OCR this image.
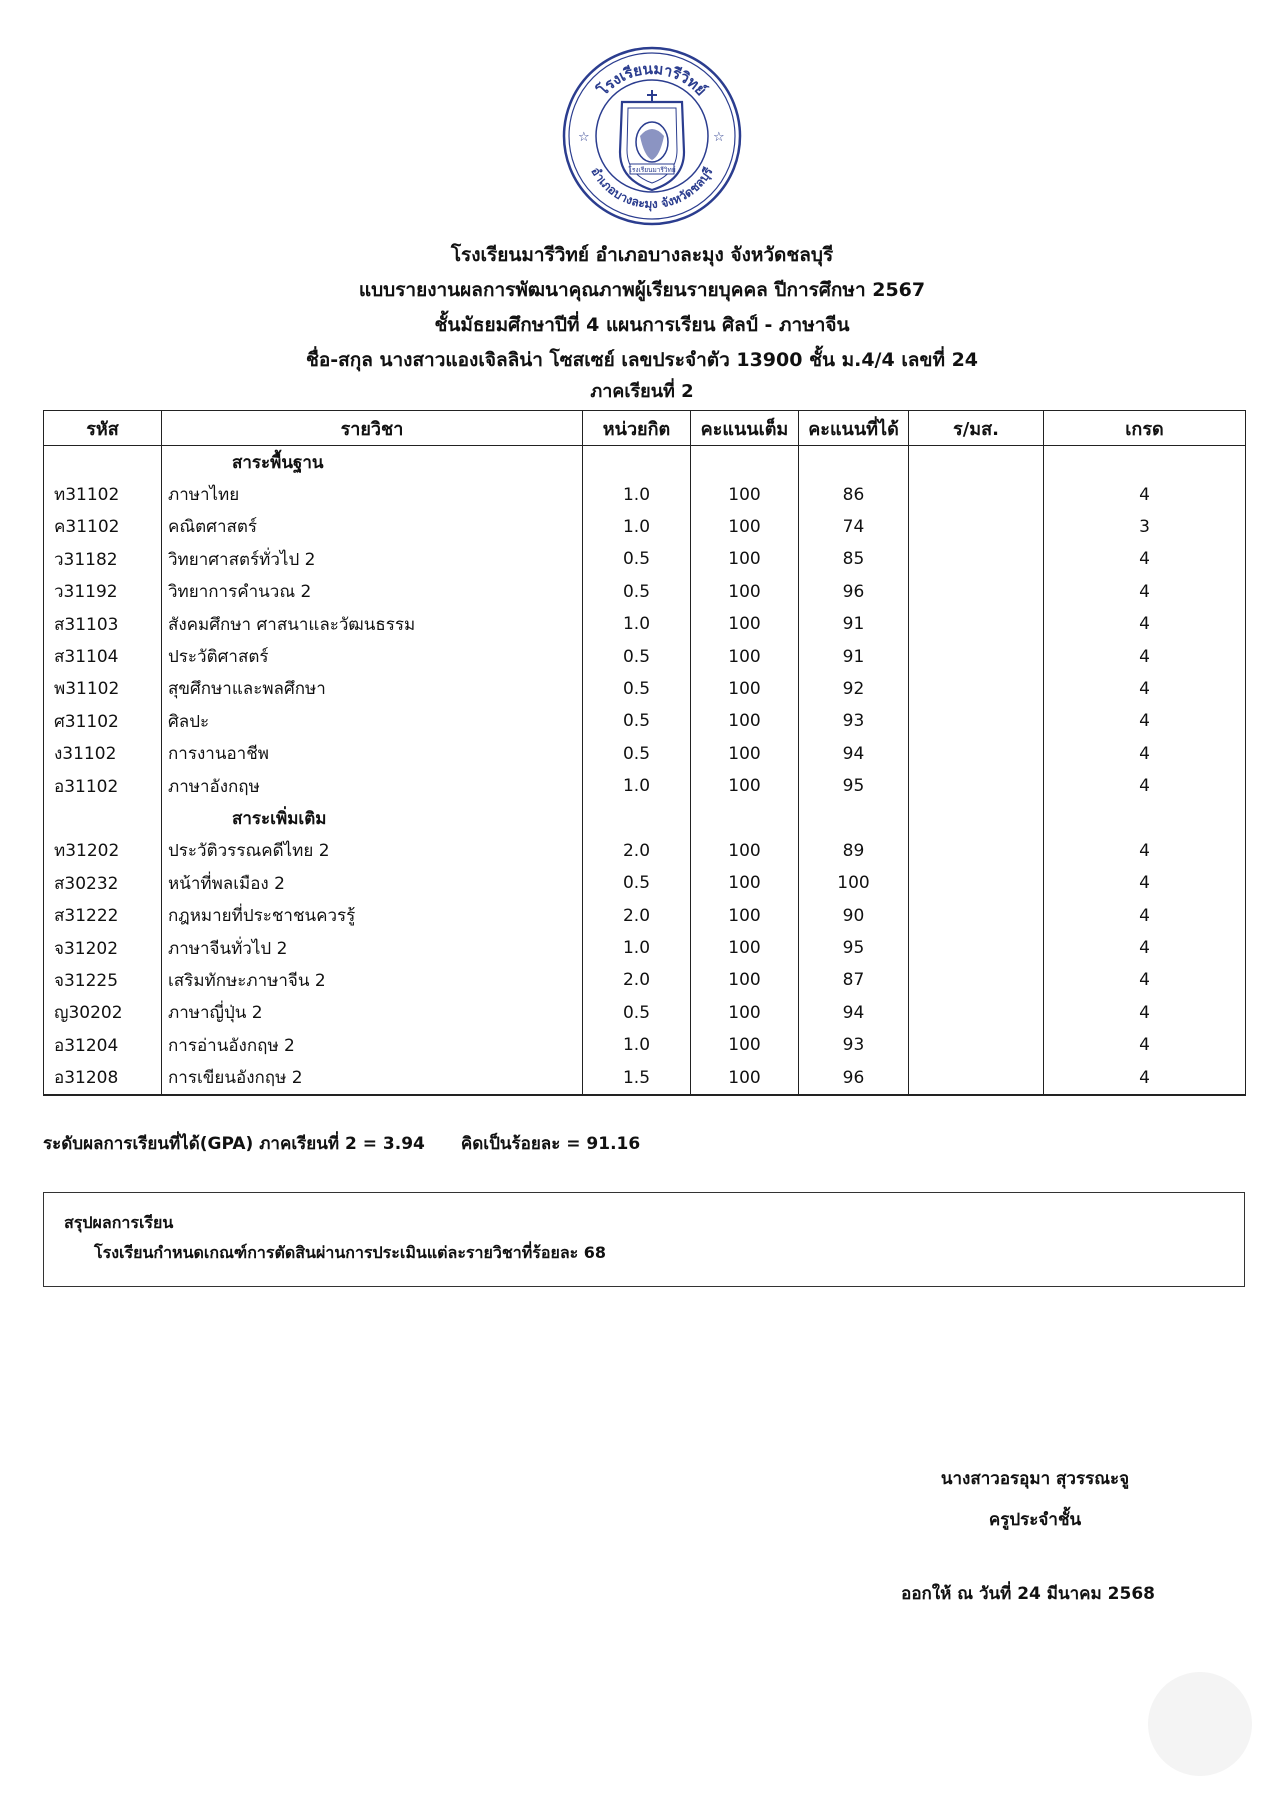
โรงเรียนมารีวิทย์
อำเภอบางละมุง จังหวัดชลบุรี
☆	☆
โรงเรียนมารีวิทย์
โรงเรียนมารีวิทย์ อำเภอบางละมุง จังหวัดชลบุรี
แบบรายงานผลการพัฒนาคุณภาพผู้เรียนรายบุคคล ปีการศึกษา 2567
ชั้นมัธยมศึกษาปีที่ 4 แผนการเรียน ศิลป์ - ภาษาจีน
ชื่อ-สกุล นางสาวแองเจิลลิน่า โซสเซย์ เลขประจำตัว 13900 ชั้น ม.4/4 เลขที่ 24
ภาคเรียนที่ 2
รหัส	รายวิชา	หน่วยกิต	คะแนนเต็ม	คะแนนที่ได้	ร/มส.	เกรด
	สาระพื้นฐาน					
ท31102	ภาษาไทย	1.0	100	86		4
ค31102	คณิตศาสตร์	1.0	100	74		3
ว31182	วิทยาศาสตร์ทั่วไป 2	0.5	100	85		4
ว31192	วิทยาการคำนวณ 2	0.5	100	96		4
ส31103	สังคมศึกษา ศาสนาและวัฒนธรรม	1.0	100	91		4
ส31104	ประวัติศาสตร์	0.5	100	91		4
พ31102	สุขศึกษาและพลศึกษา	0.5	100	92		4
ศ31102	ศิลปะ	0.5	100	93		4
ง31102	การงานอาชีพ	0.5	100	94		4
อ31102	ภาษาอังกฤษ	1.0	100	95		4
	สาระเพิ่มเติม					
ท31202	ประวัติวรรณคดีไทย 2	2.0	100	89		4
ส30232	หน้าที่พลเมือง 2	0.5	100	100		4
ส31222	กฎหมายที่ประชาชนควรรู้	2.0	100	90		4
จ31202	ภาษาจีนทั่วไป 2	1.0	100	95		4
จ31225	เสริมทักษะภาษาจีน 2	2.0	100	87		4
ญ30202	ภาษาญี่ปุ่น 2	0.5	100	94		4
อ31204	การอ่านอังกฤษ 2	1.0	100	93		4
อ31208	การเขียนอังกฤษ 2	1.5	100	96		4
ระดับผลการเรียนที่ได้(GPA) ภาคเรียนที่ 2 = 3.94 คิดเป็นร้อยละ = 91.16
สรุปผลการเรียน
โรงเรียนกำหนดเกณฑ์การตัดสินผ่านการประเมินแต่ละรายวิชาที่ร้อยละ 68
นางสาวอรอุมา สุวรรณะจู
ครูประจำชั้น
ออกให้ ณ วันที่ 24 มีนาคม 2568
